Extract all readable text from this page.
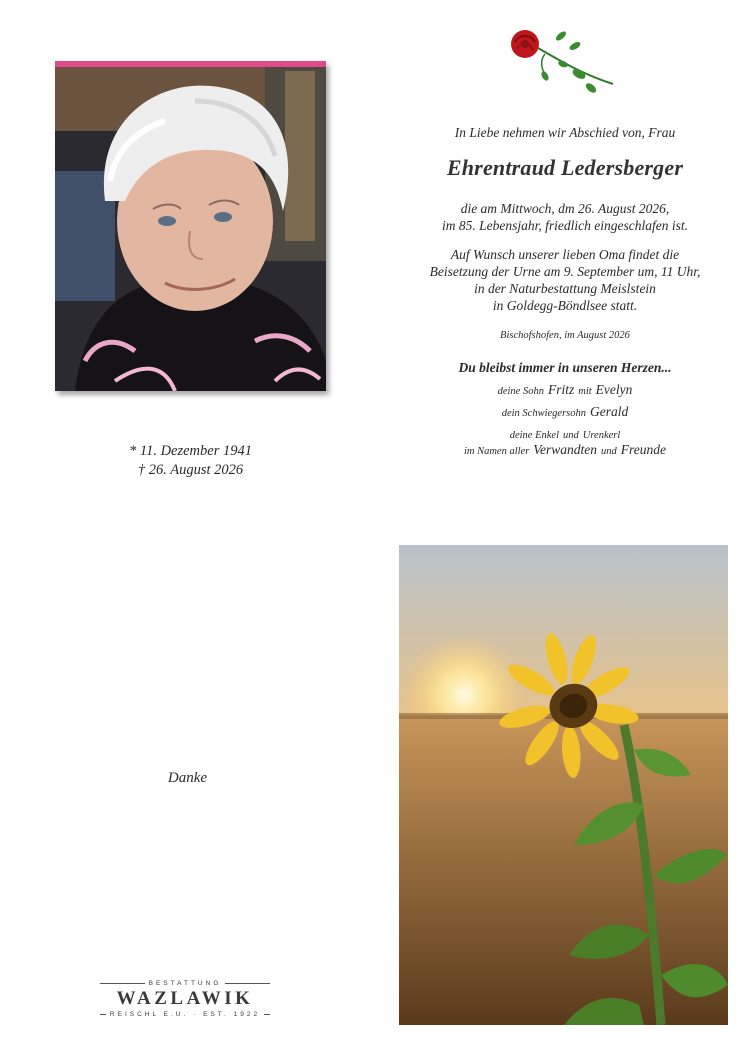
In Liebe nehmen wir Abschied von, Frau
Ehrentraud Ledersberger
die am Mittwoch, dm 26. August 2026,
im 85. Lebensjahr, friedlich eingeschlafen ist.
Auf Wunsch unserer lieben Oma findet die
Beisetzung der Urne am 9. September um, 11 Uhr,
in der Naturbestattung Meislstein
in Goldegg-Böndlsee statt.
Bischofshofen, im August 2026
Du bleibst immer in unseren Herzen...
deine Sohn Fritz mit Evelyn
dein Schwiegersohn Gerald
deine Enkel und Urenkerl
im Namen aller Verwandten und Freunde
* 11. Dezember 1941
† 26. August 2026
Danke
BESTATTUNG
WAZLAWIK
REISCHL E.U. · EST. 1922
